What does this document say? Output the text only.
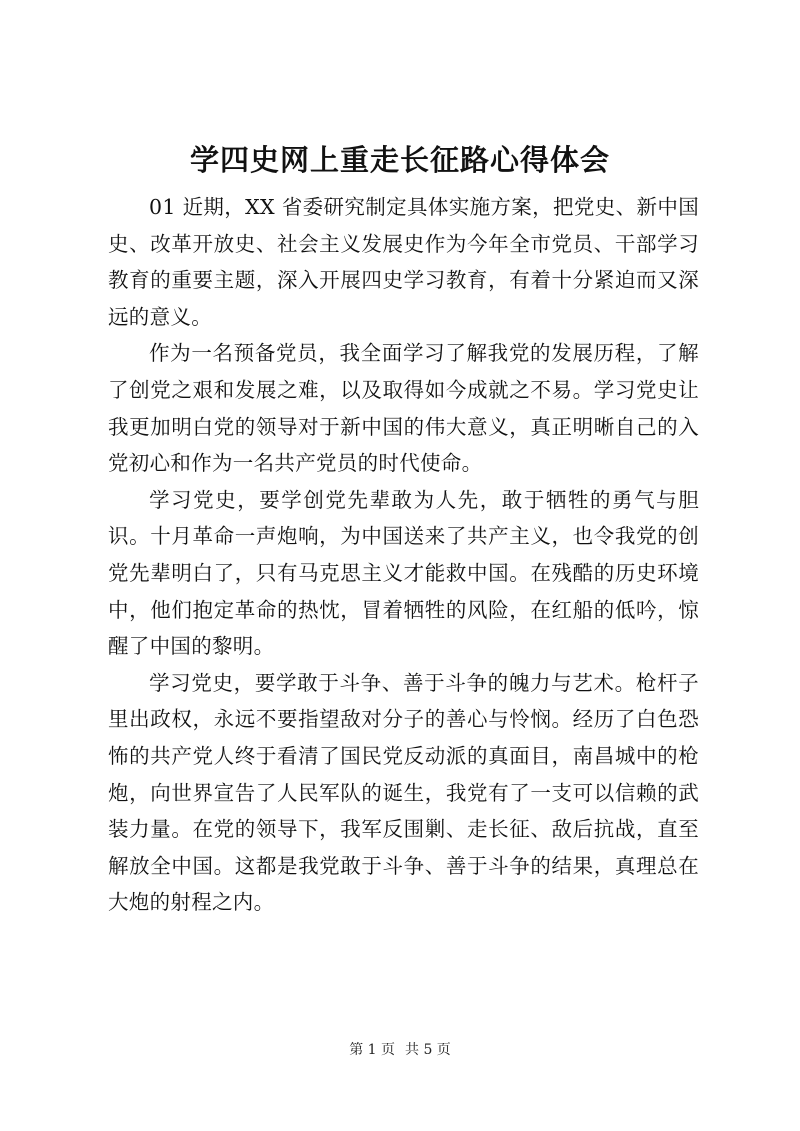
学四史网上重走长征路心得体会

01 近期，XX 省委研究制定具体实施方案，把党史、新中国史、改革开放史、社会主义发展史作为今年全市党员、干部学习教育的重要主题，深入开展四史学习教育，有着十分紧迫而又深远的意义。

作为一名预备党员，我全面学习了解我党的发展历程，了解了创党之艰和发展之难，以及取得如今成就之不易。学习党史让我更加明白党的领导对于新中国的伟大意义，真正明晰自己的入党初心和作为一名共产党员的时代使命。

学习党史，要学创党先辈敢为人先，敢于牺牲的勇气与胆识。十月革命一声炮响，为中国送来了共产主义，也令我党的创党先辈明白了，只有马克思主义才能救中国。在残酷的历史环境中，他们抱定革命的热忱，冒着牺牲的风险，在红船的低吟，惊醒了中国的黎明。

学习党史，要学敢于斗争、善于斗争的魄力与艺术。枪杆子里出政权，永远不要指望敌对分子的善心与怜悯。经历了白色恐怖的共产党人终于看清了国民党反动派的真面目，南昌城中的枪炮，向世界宣告了人民军队的诞生，我党有了一支可以信赖的武装力量。在党的领导下，我军反围剿、走长征、敌后抗战，直至解放全中国。这都是我党敢于斗争、善于斗争的结果，真理总在大炮的射程之内。

第 1 页 共 5 页
